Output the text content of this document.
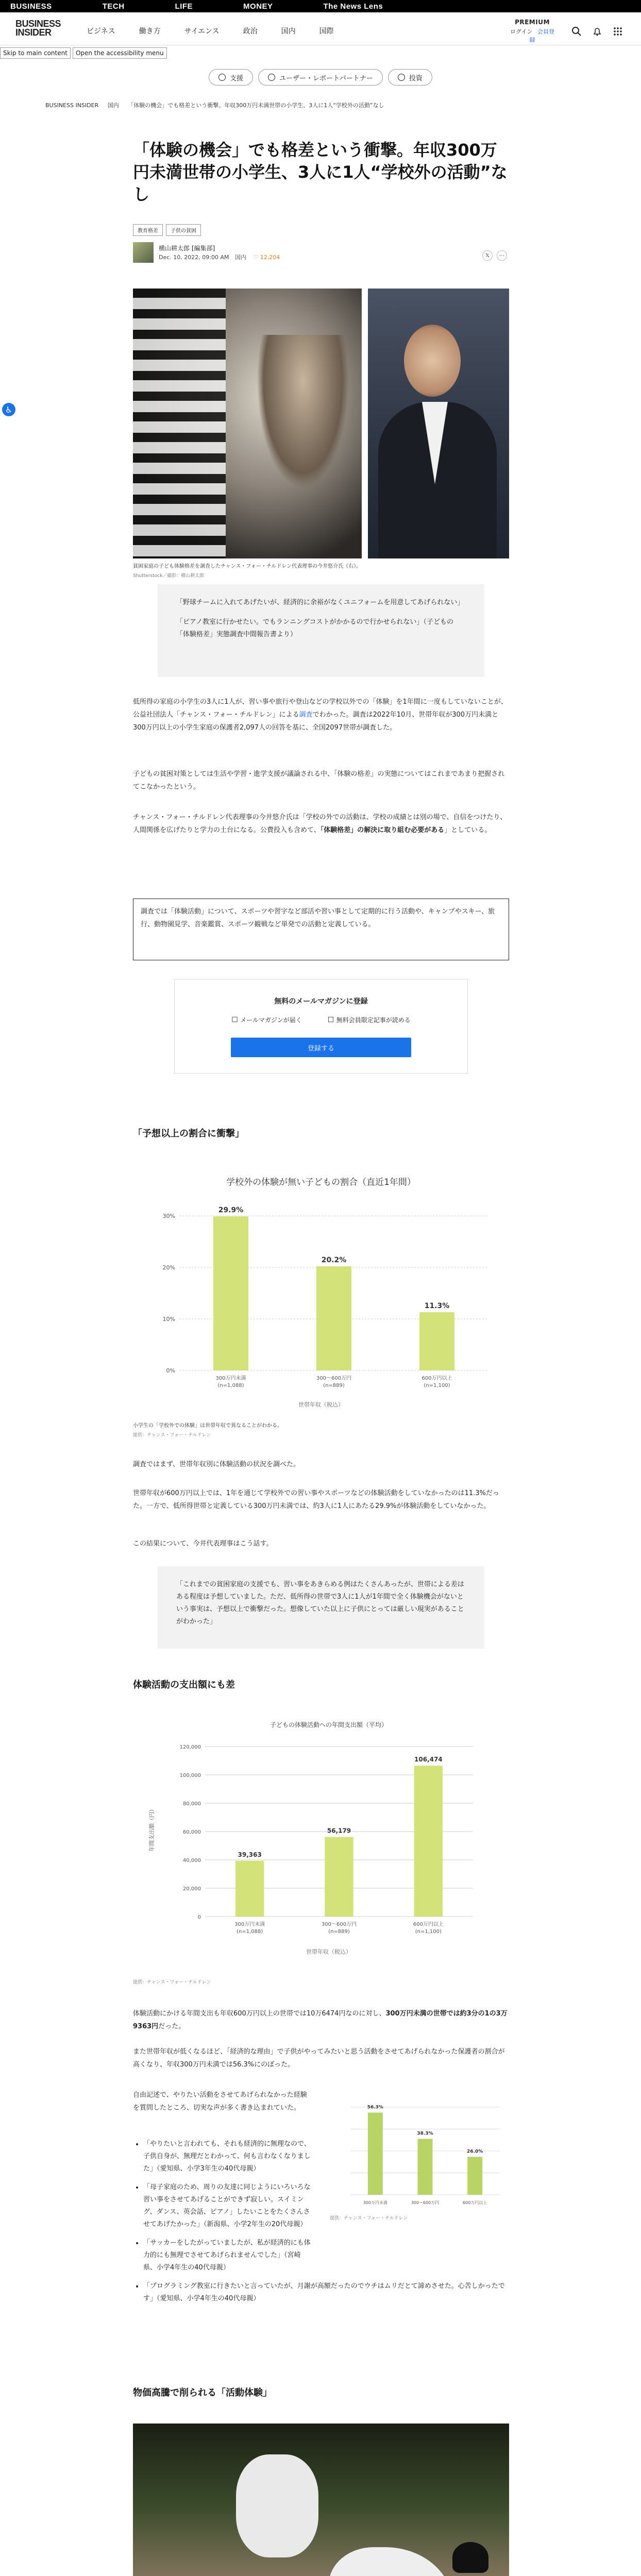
BUSINESS	TECH	LIFE	MONEY	The News Lens
BUSINESS
INSIDER	ビジネス	働き方	サイエンス	政治	国内	国際
PREMIUM
ログイン 会員登録
Skip to main content	Open the accessibility menu
支援	ユーザー・レポートパートナー	投資
BUSINESS INSIDER 国内 「体験の機会」でも格差という衝撃。年収300万円未満世帯の小学生、3人に1人“学校外の活動”なし
♿
「体験の機会」でも格差という衝撃。年収300万円未満世帯の小学生、3人に1人“学校外の活動”なし
教育格差	子供の貧困
横山耕太郎 [編集部]
Dec. 10, 2022, 09:00 AM 国内 ♡ 12,204	𝕏	⋯
貧困家庭の子ども体験格差を調査したチャンス・フォー・チルドレン代表理事の今井悠介氏（右）。
Shutterstock／撮影：横山耕太郎

「野球チームに入れてあげたいが、経済的に余裕がなくユニフォームを用意してあげられない」

「ピアノ教室に行かせたい。でもランニングコストがかかるので行かせられない」（子どもの「体験格差」実態調査中間報告書より）

低所得の家庭の小学生の3人に1人が、習い事や旅行や登山などの学校以外での「体験」を1年間に一度もしていないことが、公益社団法人「チャンス・フォー・チルドレン」による調査でわかった。調査は2022年10月、世帯年収が300万円未満と300万円以上の小学生家庭の保護者2,097人の回答を基に、全国2097世帯が調査した。

子どもの貧困対策としては生活や学習・進学支援が議論される中、「体験の格差」の実態についてはこれまであまり把握されてこなかったという。

チャンス・フォー・チルドレン代表理事の今井悠介氏は「学校の外での活動は、学校の成績とは別の場で、自信をつけたり、人間関係を広げたりと学力の土台になる。公費投入も含めて、「体験格差」の解決に取り組む必要がある」としている。

調査では「体験活動」について、スポーツや習字など部活や習い事として定期的に行う活動や、キャンプやスキー、旅行、動物園見学、音楽鑑賞、スポーツ観戦など単発での活動と定義している。
無料のメールマガジンに登録
☐ メールマガジンが届く
☐	無料会員限定記事が読める
登録する
「予想以上の割合に衝撃」
学校外の体験が無い子どもの割合（直近1年間）
30%
20%
10%
0%
29.9%
300万円未満
(n=1,088)
20.2%
300〜600万円
(n=889)
11.3%
600万円以上
(n=1,100)
世帯年収（税込）
小学生の「学校外での体験」は世帯年収で異なることがわかる。
提供：チャンス・フォー・チルドレン

調査ではまず、世帯年収別に体験活動の状況を調べた。

世帯年収が600万円以上では、1年を通じて学校外での習い事やスポーツなどの体験活動をしていなかったのは11.3%だった。一方で、低所得世帯と定義している300万円未満では、約3人に1人にあたる29.9%が体験活動をしていなかった。

この結果について、今井代表理事はこう話す。

「これまでの貧困家庭の支援でも、習い事をあきらめる例はたくさんあったが、世帯による差はある程度は予想していました。ただ、低所得の世帯で3人に1人が1年間で全く体験機会がないという事実は、予想以上で衝撃だった。想像していた以上に子供にとっては厳しい現実があることがわかった」

体験活動の支出額にも差
子どもの体験活動への年間支出額（平均）
年間支出額（円）
120,000
100,000
80,000
60,000
40,000
20,000
0
39,363
300万円未満
(n=1,088)
56,179
300〜600万円
(n=889)
106,474
600万円以上
(n=1,100)
世帯年収（税込）
提供：チャンス・フォー・チルドレン

体験活動にかける年間支出も年収600万円以上の世帯では10万6474円なのに対し、300万円未満の世帯では約3分の1の3万9363円だった。

また世帯年収が低くなるほど、「経済的な理由」で子供がやってみたいと思う活動をさせてあげられなかった保護者の割合が高くなり、年収300万円未満では56.3%にのぼった。

自由記述で、やりたい活動をさせてあげられなかった経験を質問したところ、切実な声が多く書き込まれていた。	56.3%
300万円未満
38.3%
300〜600万円
26.0%
600万円以上
提供：チャンス・フォー・チルドレン
• 「やりたいと言われても、それも経済的に無理なので、子供自身が、無理だとわかって、何も言わなくなりました」（愛知県、小学3年生の40代母親）
• 「母子家庭のため、周りの友達に同じようにいろいろな習い事をさせてあげることができず寂しい。スイミング、ダンス、英会話、ピアノ」したいことをたくさんさせてあげたかった」（新潟県、小学2年生の20代母親）
• 「サッカーをしたがっていましたが、私が経済的にも体力的にも無理でさせてあげられませんでした」（宮崎県、小学4年生の40代母親）
• 「プログラミング教室に行きたいと言っていたが、月謝が高額だったのでウチはムリだとて諦めさせた。心苦しかったです」（愛知県、小学4年生の40代母親）
物価高騰で削られる「活動体験」
